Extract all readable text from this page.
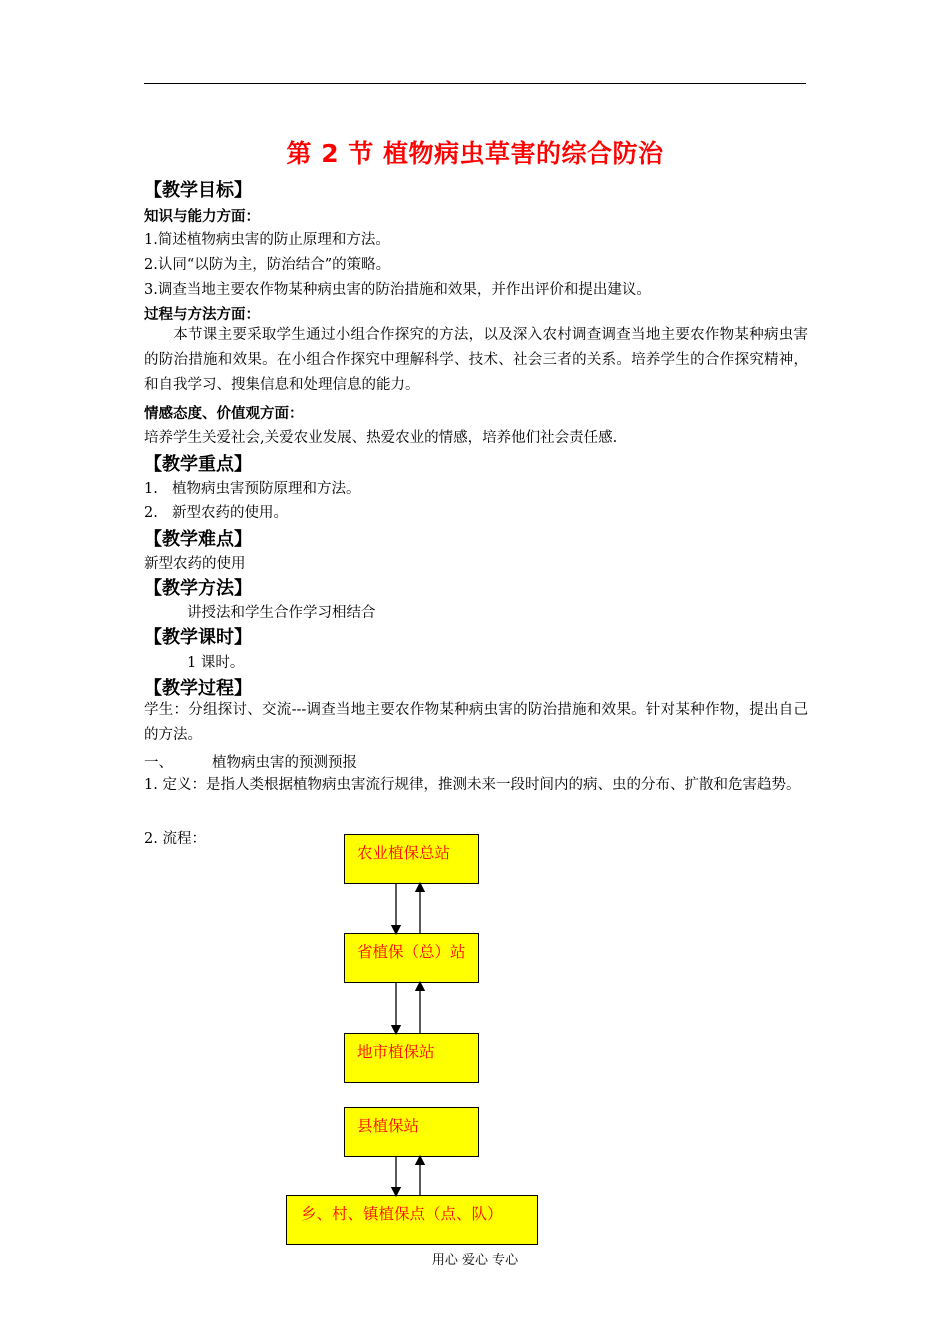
第 2 节 植物病虫草害的综合防治
【教学目标】
知识与能力方面：
1.简述植物病虫害的防止原理和方法。
2.认同“以防为主，防治结合”的策略。
3.调查当地主要农作物某种病虫害的防治措施和效果，并作出评价和提出建议。
过程与方法方面：
本节课主要采取学生通过小组合作探究的方法，以及深入农村调查调查当地主要农作物某种病虫害的防治措施和效果。在小组合作探究中理解科学、技术、社会三者的关系。培养学生的合作探究精神，和自我学习、搜集信息和处理信息的能力。
情感态度、价值观方面：
培养学生关爱社会,关爱农业发展、热爱农业的情感，培养他们社会责任感.
【教学重点】
1. 植物病虫害预防原理和方法。
2. 新型农药的使用。
【教学难点】
新型农药的使用
【教学方法】
讲授法和学生合作学习相结合
【教学课时】
1 课时。
【教学过程】
学生：分组探讨、交流---调查当地主要农作物某种病虫害的防治措施和效果。针对某种作物，提出自己的方法。
一、	植物病虫害的预测预报
1. 定义：是指人类根据植物病虫害流行规律，推测未来一段时间内的病、虫的分布、扩散和危害趋势。
2. 流程：
农业植保总站
省植保（总）站
地市植保站
县植保站
乡、村、镇植保点（点、队）
用心 爱心 专心
